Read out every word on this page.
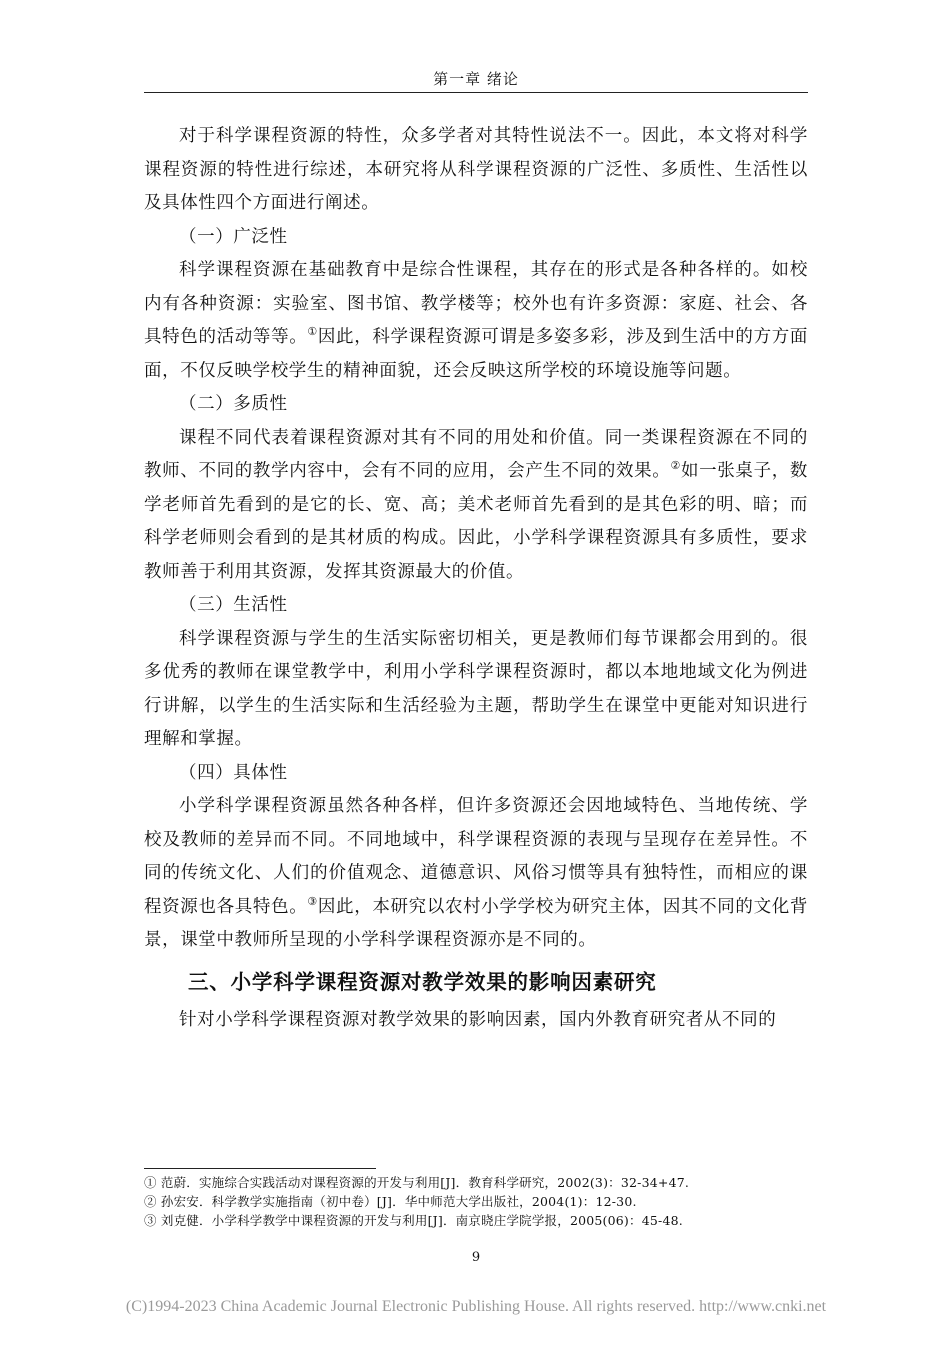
第一章 绪论

对于科学课程资源的特性，众多学者对其特性说法不一。因此，本文将对科学课程资源的特性进行综述，本研究将从科学课程资源的广泛性、多质性、生活性以及具体性四个方面进行阐述。

（一）广泛性

科学课程资源在基础教育中是综合性课程，其存在的形式是各种各样的。如校内有各种资源：实验室、图书馆、教学楼等；校外也有许多资源：家庭、社会、各具特色的活动等等。①因此，科学课程资源可谓是多姿多彩，涉及到生活中的方方面面，不仅反映学校学生的精神面貌，还会反映这所学校的环境设施等问题。

（二）多质性

课程不同代表着课程资源对其有不同的用处和价值。同一类课程资源在不同的教师、不同的教学内容中，会有不同的应用，会产生不同的效果。②如一张桌子，数学老师首先看到的是它的长、宽、高；美术老师首先看到的是其色彩的明、暗；而科学老师则会看到的是其材质的构成。因此，小学科学课程资源具有多质性，要求教师善于利用其资源，发挥其资源最大的价值。

（三）生活性

科学课程资源与学生的生活实际密切相关，更是教师们每节课都会用到的。很多优秀的教师在课堂教学中，利用小学科学课程资源时，都以本地地域文化为例进行讲解，以学生的生活实际和生活经验为主题，帮助学生在课堂中更能对知识进行理解和掌握。

（四）具体性

小学科学课程资源虽然各种各样，但许多资源还会因地域特色、当地传统、学校及教师的差异而不同。不同地域中，科学课程资源的表现与呈现存在差异性。不同的传统文化、人们的价值观念、道德意识、风俗习惯等具有独特性，而相应的课程资源也各具特色。③因此，本研究以农村小学学校为研究主体，因其不同的文化背景，课堂中教师所呈现的小学科学课程资源亦是不同的。

三、小学科学课程资源对教学效果的影响因素研究

针对小学科学课程资源对教学效果的影响因素，国内外教育研究者从不同的

① 范蔚．实施综合实践活动对课程资源的开发与利用[J]．教育科学研究，2002(3)：32-34+47.

② 孙宏安．科学教学实施指南（初中卷）[J]．华中师范大学出版社，2004(1)：12-30.

③ 刘克健．小学科学教学中课程资源的开发与利用[J]．南京晓庄学院学报，2005(06)：45-48.

9
(C)1994-2023 China Academic Journal Electronic Publishing House. All rights reserved. http://www.cnki.net
